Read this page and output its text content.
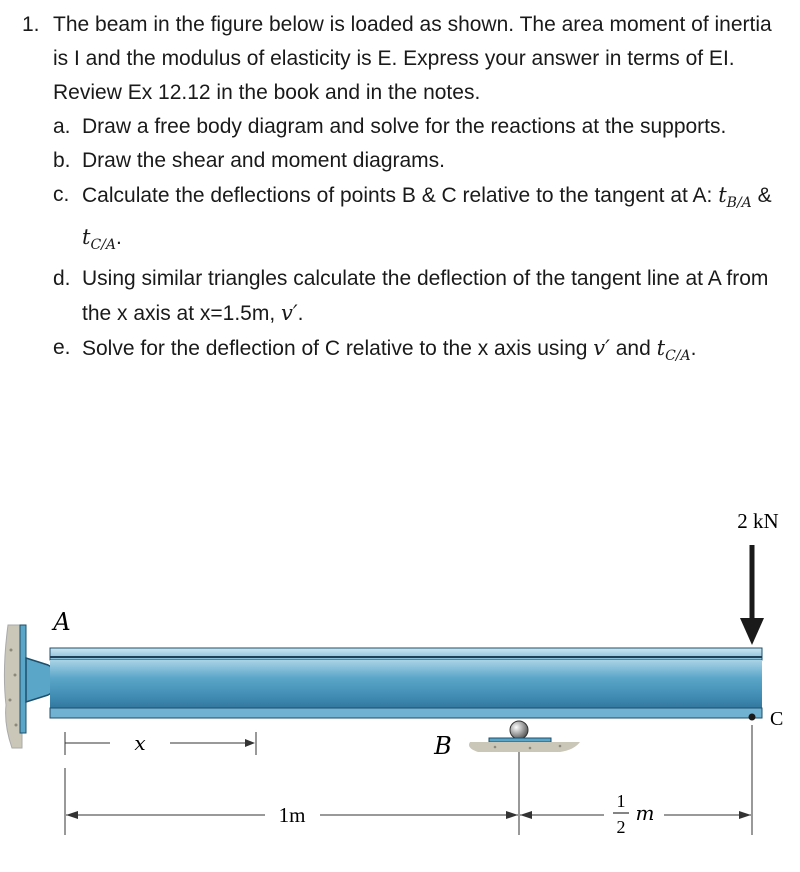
1. The beam in the figure below is loaded as shown. The area moment of inertia is I and the modulus of elasticity is E. Express your answer in terms of EI. Review Ex 12.12 in the book and in the notes.
a. Draw a free body diagram and solve for the reactions at the supports.
b. Draw the shear and moment diagrams.
c. Calculate the deflections of points B & C relative to the tangent at A: $t_{B/A}$ & $t_{C/A}$.
d. Using similar triangles calculate the deflection of the tangent line at A from the x axis at x=1.5m, v′.
e. Solve for the deflection of C relative to the x axis using v′ and $t_{C/A}$.
2 kN
A
B
C
x
1m
1
2
m
